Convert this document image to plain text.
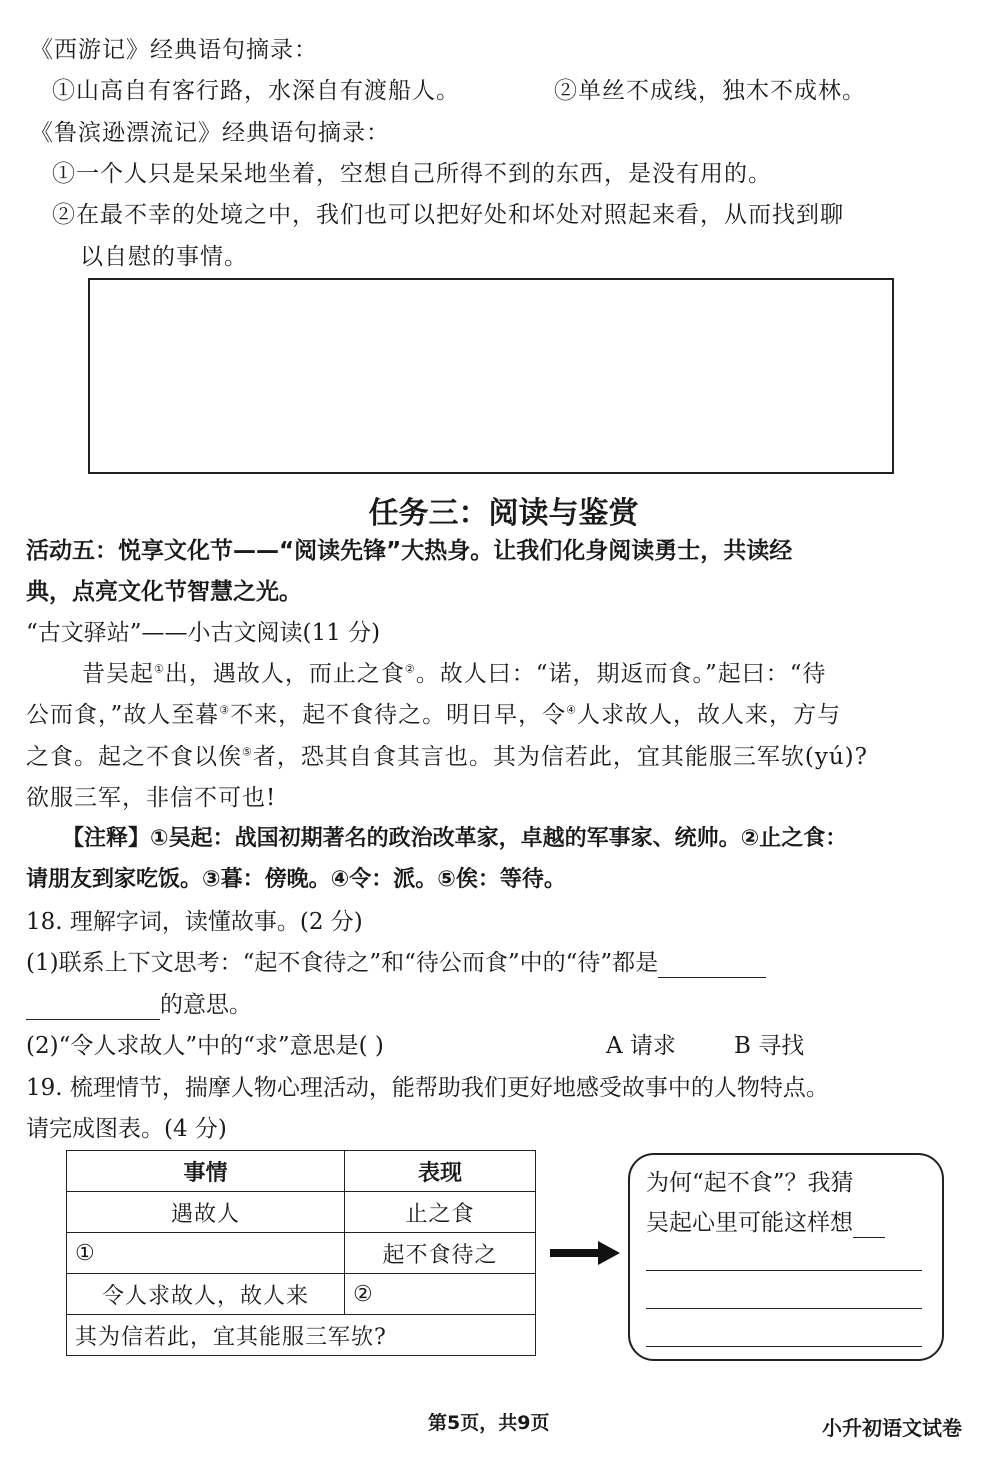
《西游记》经典语句摘录：
①山高自有客行路，水深自有渡船人。	②单丝不成线，独木不成林。
《鲁滨逊漂流记》经典语句摘录：
①一个人只是呆呆地坐着，空想自己所得不到的东西，是没有用的。
②在最不幸的处境之中，我们也可以把好处和坏处对照起来看，从而找到聊
以自慰的事情。
任务三：阅读与鉴赏
活动五：悦享文化节——“阅读先锋”大热身。让我们化身阅读勇士，共读经
典，点亮文化节智慧之光。
“古文驿站”——小古文阅读(11 分)
昔吴起①出，遇故人，而止之食②。故人曰：“诺，期返而食。”起曰：“待
公而食，”故人至暮③不来，起不食待之。明日早，令④人求故人，故人来，方与
之食。起之不食以俟⑤者，恐其自食其言也。其为信若此，宜其能服三军欤(yú)?
欲服三军，非信不可也!
【注释】①吴起：战国初期著名的政治改革家，卓越的军事家、统帅。②止之食：
请朋友到家吃饭。③暮：傍晚。④令：派。⑤俟：等待。
18. 理解字词，读懂故事。(2 分)
(1)联系上下文思考：“起不食待之”和“待公而食”中的“待”都是
的意思。
(2)“令人求故人”中的“求”意思是( )	A 请求	B 寻找
19. 梳理情节，揣摩人物心理活动，能帮助我们更好地感受故事中的人物特点。
请完成图表。(4 分)
事情	表现
遇故人	止之食
①	起不食待之
令人求故人，故人来	②
其为信若此，宜其能服三军欤?	
为何“起不食”？我猜
吴起心里可能这样想
第5页，共9页	小升初语文试卷
